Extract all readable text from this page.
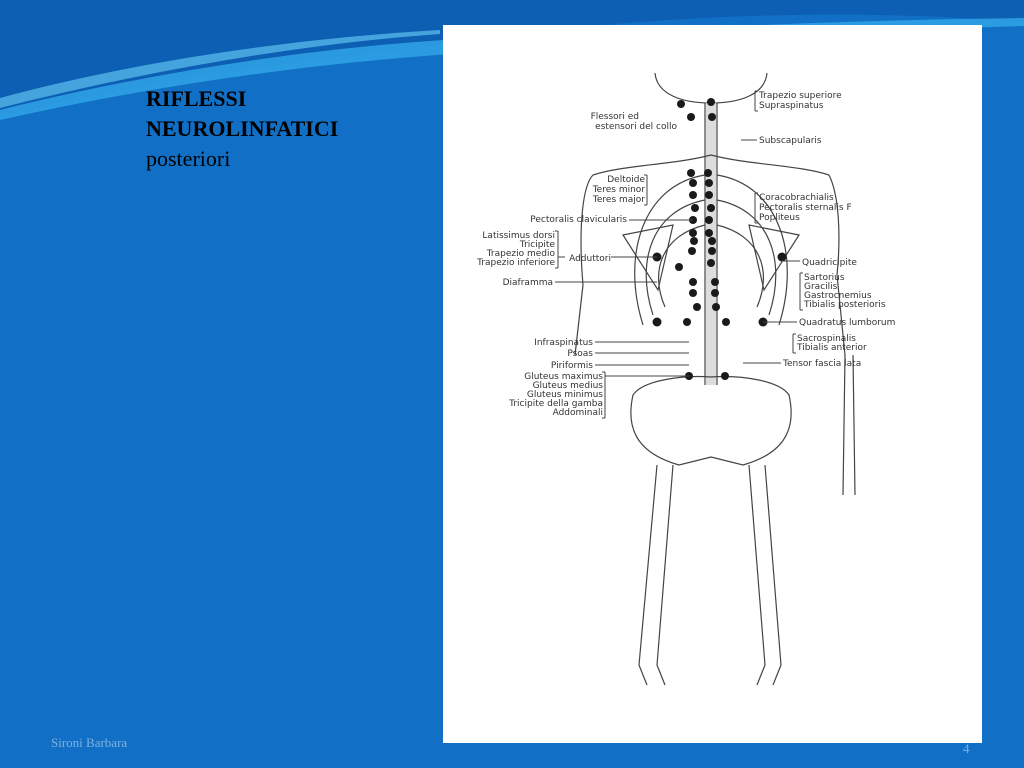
RIFLESSI
NEUROLINFATICI
posteriori
Trapezio superiore
Supraspinatus
Subscapularis
Coracobrachialis
Pectoralis sternalis F
Popliteus
Quadricipite
Sartorius
Gracilis
Gastrocnemius
Tibialis posterioris
Quadratus lumborum
Sacrospinalis
Tibialis anterior
Tensor fascia lata
Flessori ed
estensori del collo
Deltoide
Teres minor
Teres major
Pectoralis clavicularis
Latissimus dorsi
Tricipite
Trapezio medio
Trapezio inferiore Adduttori
Diaframma
Infraspinatus
Psoas
Piriformis
Gluteus maximus
Gluteus medius
Gluteus minimus
Tricipite della gamba
Addominali
Sironi Barbara	4
